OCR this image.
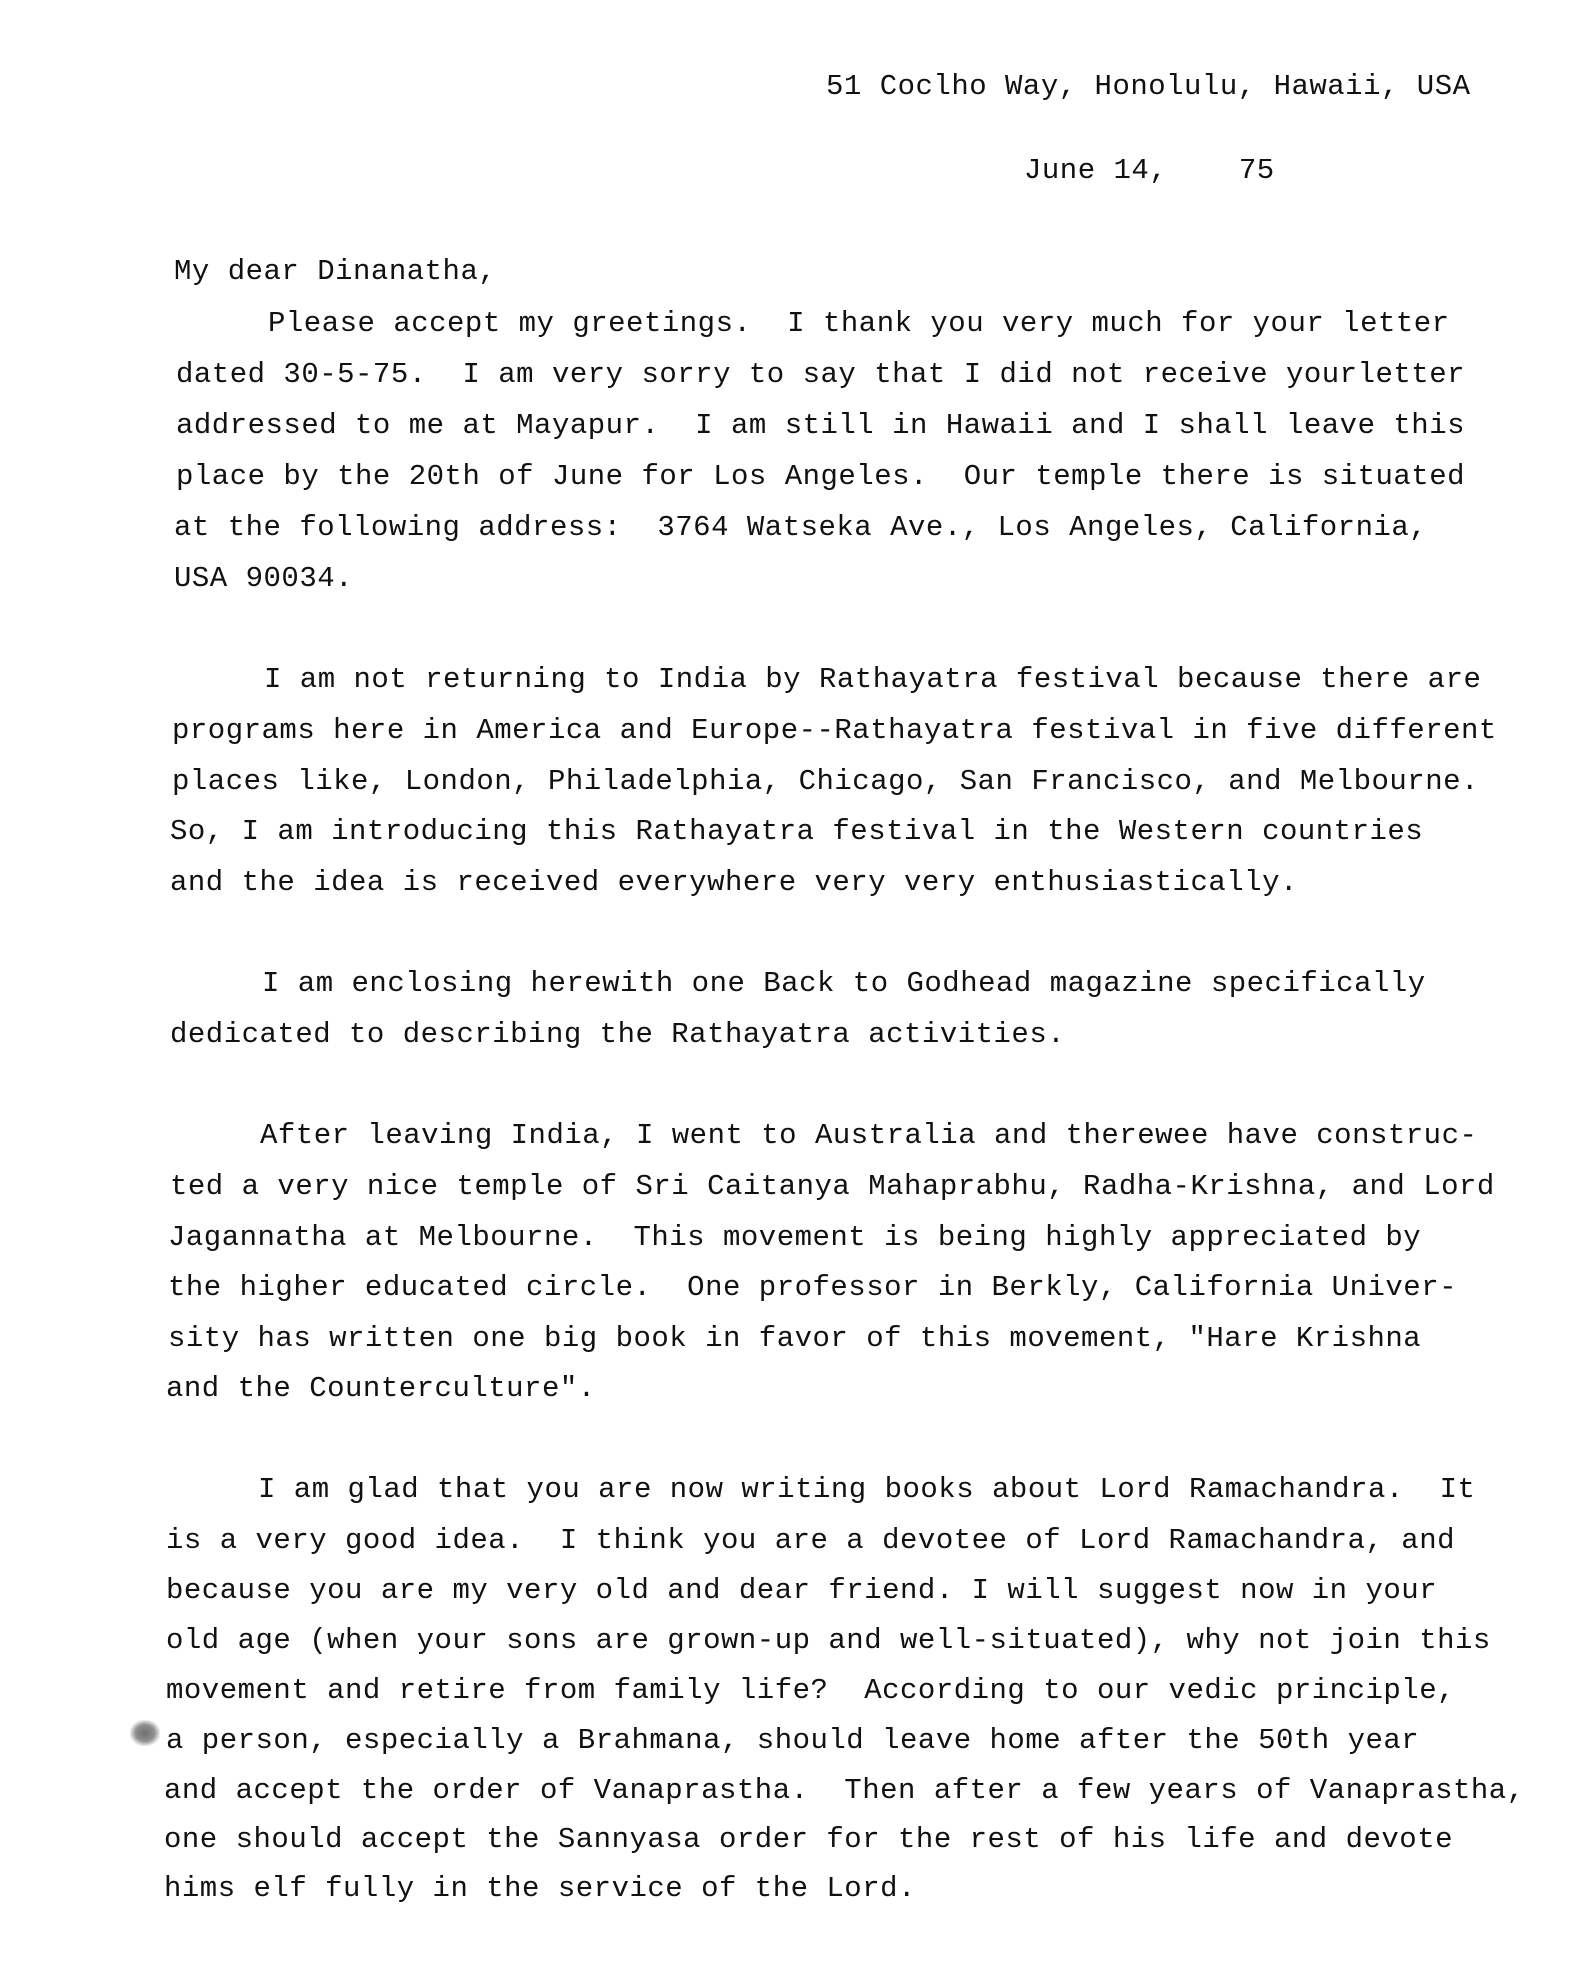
51 Coclho Way, Honolulu, Hawaii, USA
June 14,    75
My dear Dinanatha,
Please accept my greetings.  I thank you very much for your letter
dated 30-5-75.  I am very sorry to say that I did not receive yourletter
addressed to me at Mayapur.  I am still in Hawaii and I shall leave this
place by the 20th of June for Los Angeles.  Our temple there is situated
at the following address:  3764 Watseka Ave., Los Angeles, California,
USA 90034.
I am not returning to India by Rathayatra festival because there are
programs here in America and Europe--Rathayatra festival in five different
places like, London, Philadelphia, Chicago, San Francisco, and Melbourne.
So, I am introducing this Rathayatra festival in the Western countries
and the idea is received everywhere very very enthusiastically.
I am enclosing herewith one Back to Godhead magazine specifically
dedicated to describing the Rathayatra activities.
After leaving India, I went to Australia and therewee have construc-
ted a very nice temple of Sri Caitanya Mahaprabhu, Radha-Krishna, and Lord
Jagannatha at Melbourne.  This movement is being highly appreciated by
the higher educated circle.  One professor in Berkly, California Univer-
sity has written one big book in favor of this movement, "Hare Krishna
and the Counterculture".
I am glad that you are now writing books about Lord Ramachandra.  It
is a very good idea.  I think you are a devotee of Lord Ramachandra, and
because you are my very old and dear friend. I will suggest now in your
old age (when your sons are grown-up and well-situated), why not join this
movement and retire from family life?  According to our vedic principle,
a person, especially a Brahmana, should leave home after the 50th year
and accept the order of Vanaprastha.  Then after a few years of Vanaprastha,
one should accept the Sannyasa order for the rest of his life and devote
hims elf fully in the service of the Lord.
